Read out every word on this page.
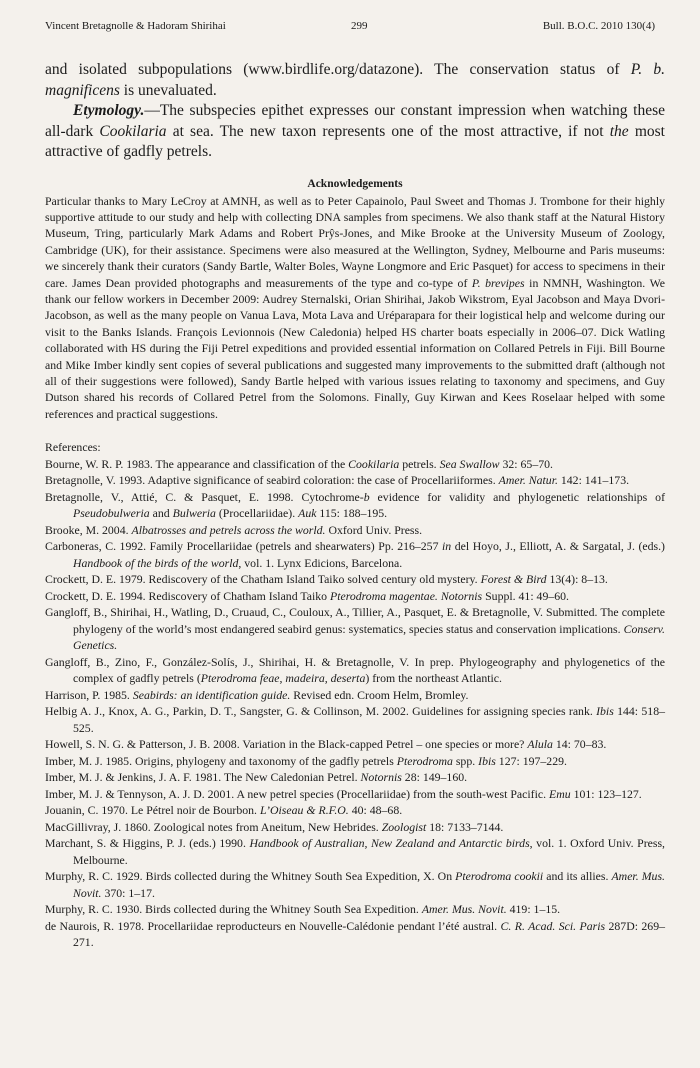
Vincent Bretagnolle & Hadoram Shirihai	299	Bull. B.O.C. 2010 130(4)

and isolated subpopulations (www.birdlife.org/datazone). The conservation status of P. b. magnificens is unevaluated.

Etymology.—The subspecies epithet expresses our constant impression when watching these all-dark Cookilaria at sea. The new taxon represents one of the most attractive, if not the most attractive of gadfly petrels.

Acknowledgements

Particular thanks to Mary LeCroy at AMNH, as well as to Peter Capainolo, Paul Sweet and Thomas J. Trombone for their highly supportive attitude to our study and help with collecting DNA samples from specimens. We also thank staff at the Natural History Museum, Tring, particularly Mark Adams and Robert Prŷs-Jones, and Mike Brooke at the University Museum of Zoology, Cambridge (UK), for their assistance. Specimens were also measured at the Wellington, Sydney, Melbourne and Paris museums: we sincerely thank their curators (Sandy Bartle, Walter Boles, Wayne Longmore and Eric Pasquet) for access to specimens in their care. James Dean provided photographs and measurements of the type and co-type of P. brevipes in NMNH, Washington. We thank our fellow workers in December 2009: Audrey Sternalski, Orian Shirihai, Jakob Wikstrom, Eyal Jacobson and Maya Dvori-Jacobson, as well as the many people on Vanua Lava, Mota Lava and Uréparapara for their logistical help and welcome during our visit to the Banks Islands. François Levionnois (New Caledonia) helped HS charter boats especially in 2006–07. Dick Watling collaborated with HS during the Fiji Petrel expeditions and provided essential information on Collared Petrels in Fiji. Bill Bourne and Mike Imber kindly sent copies of several publications and suggested many improvements to the submitted draft (although not all of their suggestions were followed), Sandy Bartle helped with various issues relating to taxonomy and specimens, and Guy Dutson shared his records of Collared Petrel from the Solomons. Finally, Guy Kirwan and Kees Roselaar helped with some references and practical suggestions.

References:
Bourne, W. R. P. 1983. The appearance and classification of the Cookilaria petrels. Sea Swallow 32: 65–70.
Bretagnolle, V. 1993. Adaptive significance of seabird coloration: the case of Procellariiformes. Amer. Natur. 142: 141–173.
Bretagnolle, V., Attié, C. & Pasquet, E. 1998. Cytochrome-b evidence for validity and phylogenetic relationships of Pseudobulweria and Bulweria (Procellariidae). Auk 115: 188–195.
Brooke, M. 2004. Albatrosses and petrels across the world. Oxford Univ. Press.
Carboneras, C. 1992. Family Procellariidae (petrels and shearwaters) Pp. 216–257 in del Hoyo, J., Elliott, A. & Sargatal, J. (eds.) Handbook of the birds of the world, vol. 1. Lynx Edicions, Barcelona.
Crockett, D. E. 1979. Rediscovery of the Chatham Island Taiko solved century old mystery. Forest & Bird 13(4): 8–13.
Crockett, D. E. 1994. Rediscovery of Chatham Island Taiko Pterodroma magentae. Notornis Suppl. 41: 49–60.
Gangloff, B., Shirihai, H., Watling, D., Cruaud, C., Couloux, A., Tillier, A., Pasquet, E. & Bretagnolle, V. Submitted. The complete phylogeny of the world’s most endangered seabird genus: systematics, species status and conservation implications. Conserv. Genetics.
Gangloff, B., Zino, F., González-Solís, J., Shirihai, H. & Bretagnolle, V. In prep. Phylogeography and phylogenetics of the complex of gadfly petrels (Pterodroma feae, madeira, deserta) from the northeast Atlantic.
Harrison, P. 1985. Seabirds: an identification guide. Revised edn. Croom Helm, Bromley.
Helbig A. J., Knox, A. G., Parkin, D. T., Sangster, G. & Collinson, M. 2002. Guidelines for assigning species rank. Ibis 144: 518–525.
Howell, S. N. G. & Patterson, J. B. 2008. Variation in the Black-capped Petrel – one species or more? Alula 14: 70–83.
Imber, M. J. 1985. Origins, phylogeny and taxonomy of the gadfly petrels Pterodroma spp. Ibis 127: 197–229.
Imber, M. J. & Jenkins, J. A. F. 1981. The New Caledonian Petrel. Notornis 28: 149–160.
Imber, M. J. & Tennyson, A. J. D. 2001. A new petrel species (Procellariidae) from the south-west Pacific. Emu 101: 123–127.
Jouanin, C. 1970. Le Pétrel noir de Bourbon. L’Oiseau & R.F.O. 40: 48–68.
MacGillivray, J. 1860. Zoological notes from Aneitum, New Hebrides. Zoologist 18: 7133–7144.
Marchant, S. & Higgins, P. J. (eds.) 1990. Handbook of Australian, New Zealand and Antarctic birds, vol. 1. Oxford Univ. Press, Melbourne.
Murphy, R. C. 1929. Birds collected during the Whitney South Sea Expedition, X. On Pterodroma cookii and its allies. Amer. Mus. Novit. 370: 1–17.
Murphy, R. C. 1930. Birds collected during the Whitney South Sea Expedition. Amer. Mus. Novit. 419: 1–15.
de Naurois, R. 1978. Procellariidae reproducteurs en Nouvelle-Calédonie pendant l’été austral. C. R. Acad. Sci. Paris 287D: 269–271.
